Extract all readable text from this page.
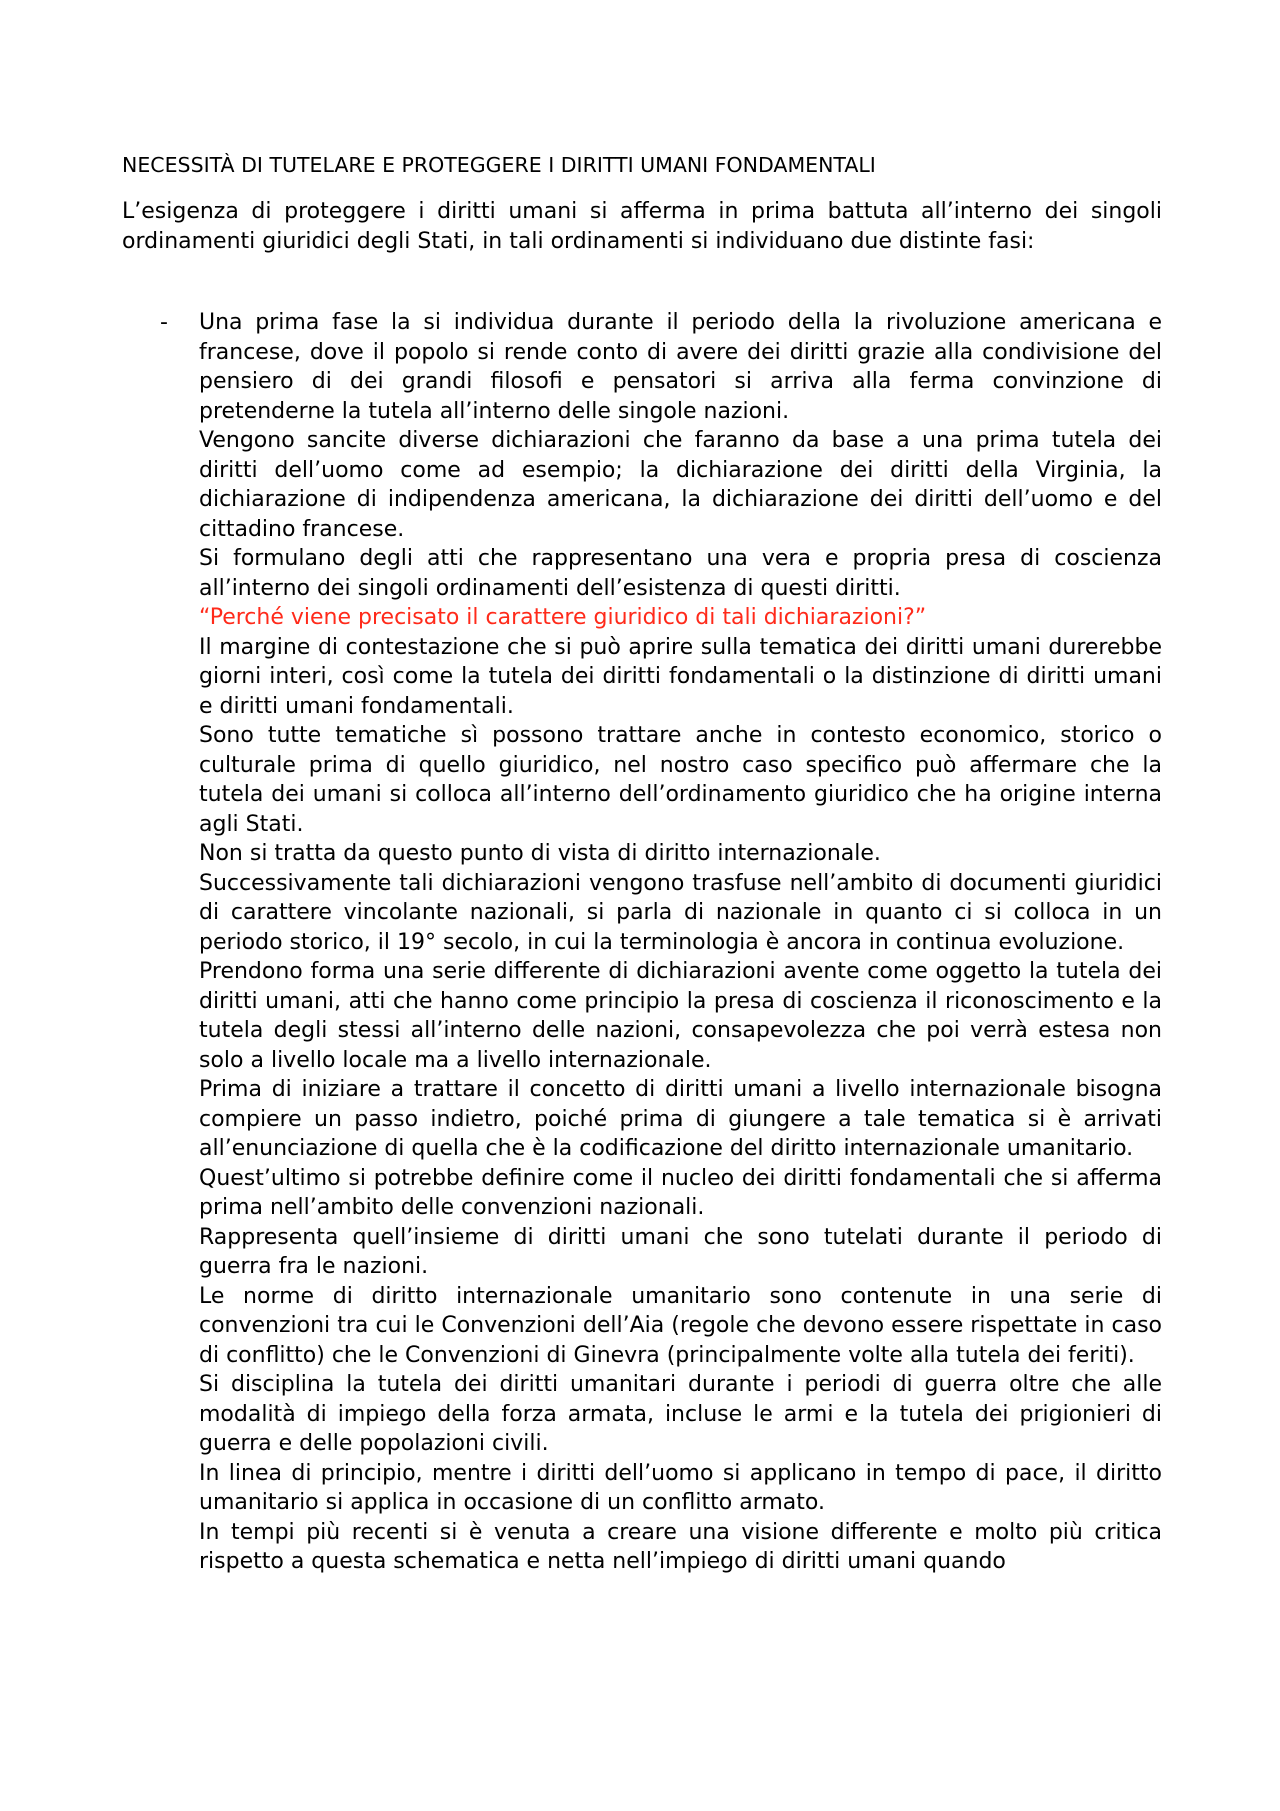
NECESSITÀ DI TUTELARE E PROTEGGERE I DIRITTI UMANI FONDAMENTALI

L’esigenza di proteggere i diritti umani si afferma in prima battuta all’interno dei singoli ordinamenti giuridici degli Stati, in tali ordinamenti si individuano due distinte fasi:

- Una prima fase la si individua durante il periodo della la rivoluzione americana e francese, dove il popolo si rende conto di avere dei diritti grazie alla condivisione del pensiero di dei grandi filosofi e pensatori si arriva alla ferma convinzione di pretenderne la tutela all’interno delle singole nazioni.

Vengono sancite diverse dichiarazioni che faranno da base a una prima tutela dei diritti dell’uomo come ad esempio; la dichiarazione dei diritti della Virginia, la dichiarazione di indipendenza americana, la dichiarazione dei diritti dell’uomo e del cittadino francese.

Si formulano degli atti che rappresentano una vera e propria presa di coscienza all’interno dei singoli ordinamenti dell’esistenza di questi diritti.

“Perché viene precisato il carattere giuridico di tali dichiarazioni?”

Il margine di contestazione che si può aprire sulla tematica dei diritti umani durerebbe giorni interi, così come la tutela dei diritti fondamentali o la distinzione di diritti umani e diritti umani fondamentali.

Sono tutte tematiche sì possono trattare anche in contesto economico, storico o culturale prima di quello giuridico, nel nostro caso specifico può affermare che la tutela dei umani si colloca all’interno dell’ordinamento giuridico che ha origine interna agli Stati.

Non si tratta da questo punto di vista di diritto internazionale.

Successivamente tali dichiarazioni vengono trasfuse nell’ambito di documenti giuridici di carattere vincolante nazionali, si parla di nazionale in quanto ci si colloca in un periodo storico, il 19° secolo, in cui la terminologia è ancora in continua evoluzione.

Prendono forma una serie differente di dichiarazioni avente come oggetto la tutela dei diritti umani, atti che hanno come principio la presa di coscienza il riconoscimento e la tutela degli stessi all’interno delle nazioni, consapevolezza che poi verrà estesa non solo a livello locale ma a livello internazionale.

Prima di iniziare a trattare il concetto di diritti umani a livello internazionale bisogna compiere un passo indietro, poiché prima di giungere a tale tematica si è arrivati all’enunciazione di quella che è la codificazione del diritto internazionale umanitario.

Quest’ultimo si potrebbe definire come il nucleo dei diritti fondamentali che si afferma prima nell’ambito delle convenzioni nazionali.

Rappresenta quell’insieme di diritti umani che sono tutelati durante il periodo di guerra fra le nazioni.

Le norme di diritto internazionale umanitario sono contenute in una serie di convenzioni tra cui le Convenzioni dell’Aia (regole che devono essere rispettate in caso di conflitto) che le Convenzioni di Ginevra (principalmente volte alla tutela dei feriti).

Si disciplina la tutela dei diritti umanitari durante i periodi di guerra oltre che alle modalità di impiego della forza armata, incluse le armi e la tutela dei prigionieri di guerra e delle popolazioni civili.

In linea di principio, mentre i diritti dell’uomo si applicano in tempo di pace, il diritto umanitario si applica in occasione di un conflitto armato.

In tempi più recenti si è venuta a creare una visione differente e molto più critica rispetto a questa schematica e netta nell’impiego di diritti umani quando
